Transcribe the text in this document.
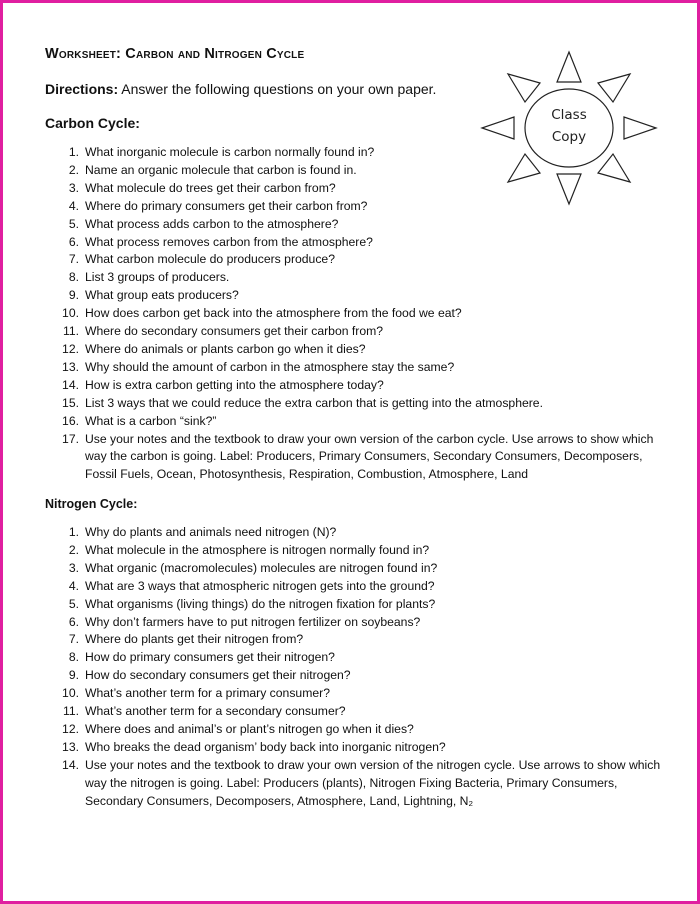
Worksheet: Carbon and Nitrogen Cycle
Directions: Answer the following questions on your own paper.
Carbon Cycle:
1. What inorganic molecule is carbon normally found in?
2. Name an organic molecule that carbon is found in.
3. What molecule do trees get their carbon from?
4. Where do primary consumers get their carbon from?
5. What process adds carbon to the atmosphere?
6. What process removes carbon from the atmosphere?
7. What carbon molecule do producers produce?
8. List 3 groups of producers.
9. What group eats producers?
10. How does carbon get back into the atmosphere from the food we eat?
11. Where do secondary consumers get their carbon from?
12. Where do animals or plants carbon go when it dies?
13. Why should the amount of carbon in the atmosphere stay the same?
14. How is extra carbon getting into the atmosphere today?
15. List 3 ways that we could reduce the extra carbon that is getting into the atmosphere.
16. What is a carbon “sink?”
17. Use your notes and the textbook to draw your own version of the carbon cycle. Use arrows to show which way the carbon is going. Label: Producers, Primary Consumers, Secondary Consumers, Decomposers, Fossil Fuels, Ocean, Photosynthesis, Respiration, Combustion, Atmosphere, Land
Nitrogen Cycle:
1. Why do plants and animals need nitrogen (N)?
2. What molecule in the atmosphere is nitrogen normally found in?
3. What organic (macromolecules) molecules are nitrogen found in?
4. What are 3 ways that atmospheric nitrogen gets into the ground?
5. What organisms (living things) do the nitrogen fixation for plants?
6. Why don’t farmers have to put nitrogen fertilizer on soybeans?
7. Where do plants get their nitrogen from?
8. How do primary consumers get their nitrogen?
9. How do secondary consumers get their nitrogen?
10. What’s another term for a primary consumer?
11. What’s another term for a secondary consumer?
12. Where does and animal’s or plant’s nitrogen go when it dies?
13. Who breaks the dead organism’ body back into inorganic nitrogen?
14. Use your notes and the textbook to draw your own version of the nitrogen cycle. Use arrows to show which way the nitrogen is going. Label: Producers (plants), Nitrogen Fixing Bacteria, Primary Consumers, Secondary Consumers, Decomposers, Atmosphere, Land, Lightning, N₂
Class
Copy
